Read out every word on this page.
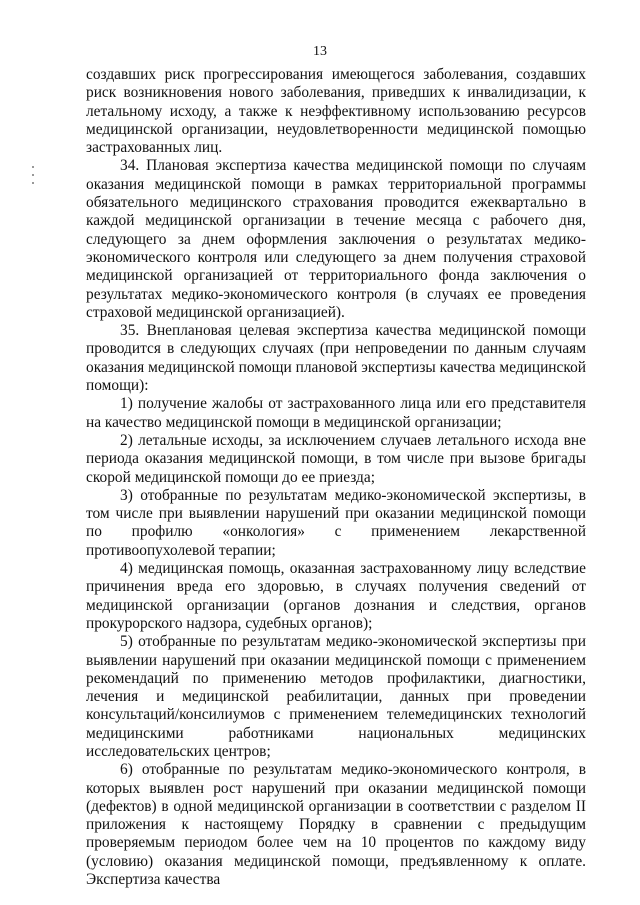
13

создавших риск прогрессирования имеющегося заболевания, создавших риск возникновения нового заболевания, приведших к инвалидизации, к летальному исходу, а также к неэффективному использованию ресурсов медицинской организации, неудовлетворенности медицинской помощью застрахованных лиц.

34. Плановая экспертиза качества медицинской помощи по случаям оказания медицинской помощи в рамках территориальной программы обязательного медицинского страхования проводится ежеквартально в каждой медицинской организации в течение месяца с рабочего дня, следующего за днем оформления заключения о результатах медико-экономического контроля или следующего за днем получения страховой медицинской организацией от территориального фонда заключения о результатах медико-экономического контроля (в случаях ее проведения страховой медицинской организацией).

35. Внеплановая целевая экспертиза качества медицинской помощи проводится в следующих случаях (при непроведении по данным случаям оказания медицинской помощи плановой экспертизы качества медицинской помощи):

1) получение жалобы от застрахованного лица или его представителя на качество медицинской помощи в медицинской организации;

2) летальные исходы, за исключением случаев летального исхода вне периода оказания медицинской помощи, в том числе при вызове бригады скорой медицинской помощи до ее приезда;

3) отобранные по результатам медико-экономической экспертизы, в том числе при выявлении нарушений при оказании медицинской помощи по профилю «онкология» с применением лекарственной противоопухолевой терапии;

4) медицинская помощь, оказанная застрахованному лицу вследствие причинения вреда его здоровью, в случаях получения сведений от медицинской организации (органов дознания и следствия, органов прокурорского надзора, судебных органов);

5) отобранные по результатам медико-экономической экспертизы при выявлении нарушений при оказании медицинской помощи с применением рекомендаций по применению методов профилактики, диагностики, лечения и медицинской реабилитации, данных при проведении консультаций/консилиумов с применением телемедицинских технологий медицинскими работниками национальных медицинских исследовательских центров;

6) отобранные по результатам медико-экономического контроля, в которых выявлен рост нарушений при оказании медицинской помощи (дефектов) в одной медицинской организации в соответствии с разделом II приложения к настоящему Порядку в сравнении с предыдущим проверяемым периодом более чем на 10 процентов по каждому виду (условию) оказания медицинской помощи, предъявленному к оплате. Экспертиза качества
